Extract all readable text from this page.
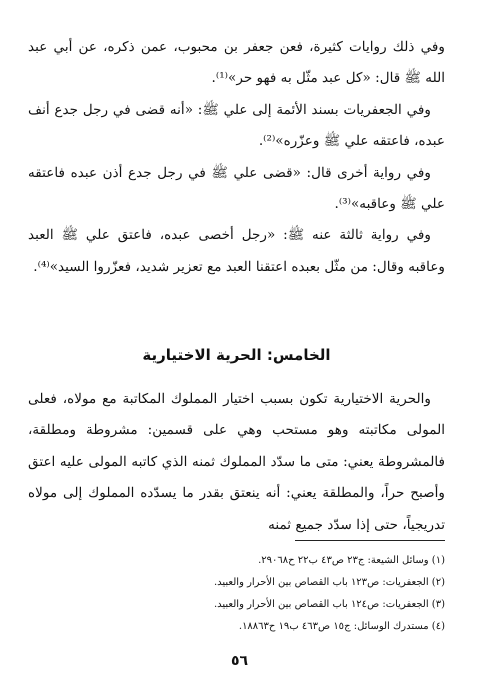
وفي ذلك روايات كثيرة، فعن جعفر بن محبوب، عمن ذكره، عن أبي عبد الله ﷺ قال: «كل عبد مثّل به فهو حر»⁽¹⁾.

وفي الجعفريات بسند الأئمة إلى علي ﷺ: «أنه قضى في رجل جدع أنف عبده، فاعتقه علي ﷺ وعزّره»⁽²⁾.

وفي رواية أخرى قال: «قضى علي ﷺ في رجل جدع أذن عبده فاعتقه علي ﷺ وعاقبه»⁽³⁾.

وفي رواية ثالثة عنه ﷺ: «رجل أخصى عبده، فاعتق علي ﷺ العبد وعاقبه وقال: من مثّل بعبده اعتقنا العبد مع تعزير شديد، فعزّروا السيد»⁽⁴⁾.

الخامس: الحرية الاختيارية

والحرية الاختيارية تكون بسبب اختيار المملوك المكاتبة مع مولاه، فعلى المولى مكاتبته وهو مستحب وهي على قسمين: مشروطة ومطلقة، فالمشروطة يعني: متى ما سدّد المملوك ثمنه الذي كاتبه المولى عليه اعتق وأصبح حراً، والمطلقة يعني: أنه ينعتق بقدر ما يسدّده المملوك إلى مولاه تدريجياً، حتى إذا سدّد جميع ثمنه

(١) وسائل الشيعة: ج٢٣ ص٤٣ ب٢٢ ح٢٩٠٦٨.
(٢) الجعفريات: ص١٢٣ باب القصاص بين الأحرار والعبيد.
(٣) الجعفريات: ص١٢٤ باب القصاص بين الأحرار والعبيد.
(٤) مستدرك الوسائل: ج١٥ ص٤٦٣ ب١٩ ح١٨٨٦٣.
٥٦
